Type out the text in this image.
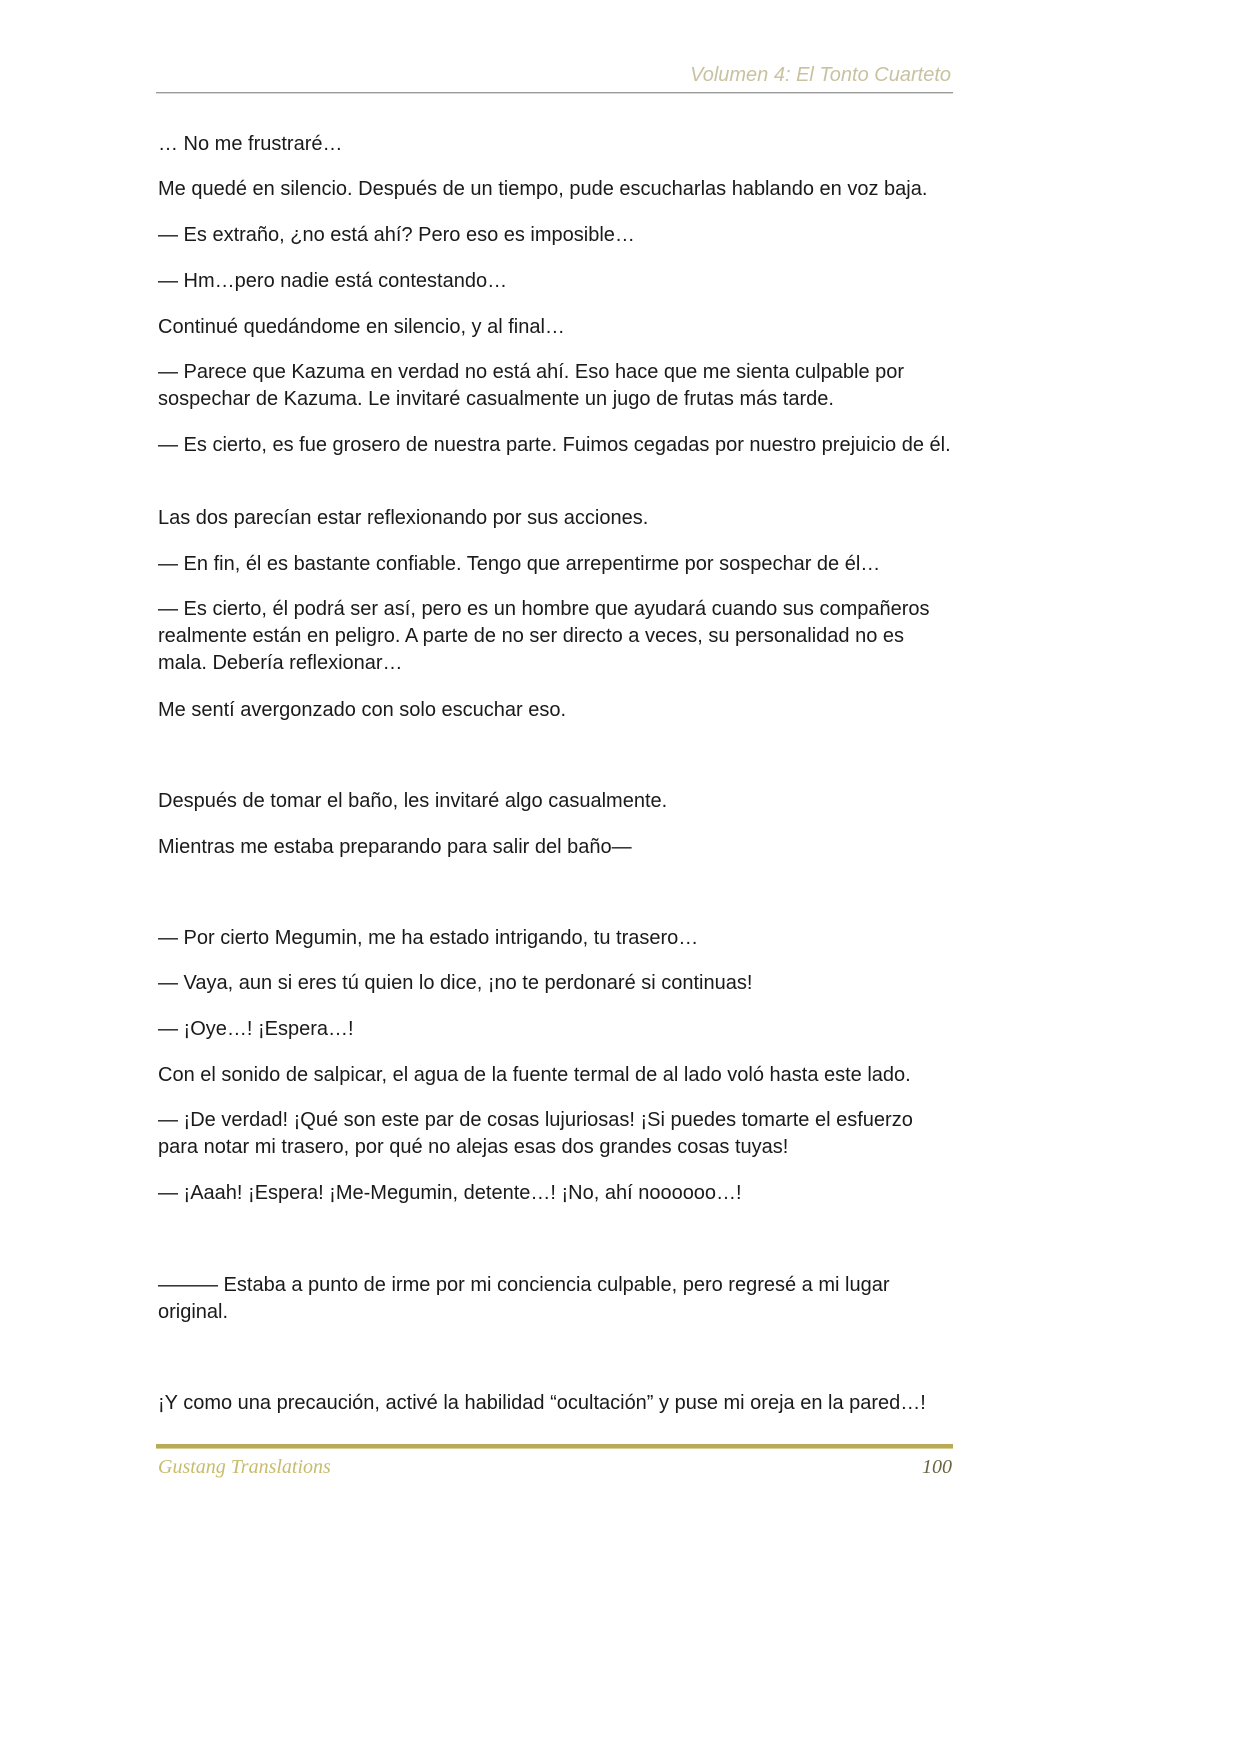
Volumen 4: El Tonto Cuarteto

… No me frustraré…

Me quedé en silencio. Después de un tiempo, pude escucharlas hablando en voz baja.

— Es extraño, ¿no está ahí? Pero eso es imposible…

— Hm…pero nadie está contestando…

Continué quedándome en silencio, y al final…

— Parece que Kazuma en verdad no está ahí. Eso hace que me sienta culpable por sospechar de Kazuma. Le invitaré casualmente un jugo de frutas más tarde.

— Es cierto, es fue grosero de nuestra parte. Fuimos cegadas por nuestro prejuicio de él.

Las dos parecían estar reflexionando por sus acciones.

— En fin, él es bastante confiable. Tengo que arrepentirme por sospechar de él…

— Es cierto, él podrá ser así, pero es un hombre que ayudará cuando sus compañeros realmente están en peligro. A parte de no ser directo a veces, su personalidad no es mala. Debería reflexionar…

Me sentí avergonzado con solo escuchar eso.

Después de tomar el baño, les invitaré algo casualmente.

Mientras me estaba preparando para salir del baño—

— Por cierto Megumin, me ha estado intrigando, tu trasero…

— Vaya, aun si eres tú quien lo dice, ¡no te perdonaré si continuas!

— ¡Oye…! ¡Espera…!

Con el sonido de salpicar, el agua de la fuente termal de al lado voló hasta este lado.

— ¡De verdad! ¡Qué son este par de cosas lujuriosas! ¡Si puedes tomarte el esfuerzo para notar mi trasero, por qué no alejas esas dos grandes cosas tuyas!

— ¡Aaah! ¡Espera! ¡Me-Megumin, detente…! ¡No, ahí noooooo…!

——— Estaba a punto de irme por mi conciencia culpable, pero regresé a mi lugar original.

¡Y como una precaución, activé la habilidad “ocultación” y puse mi oreja en la pared…!

Gustang Translations	100
